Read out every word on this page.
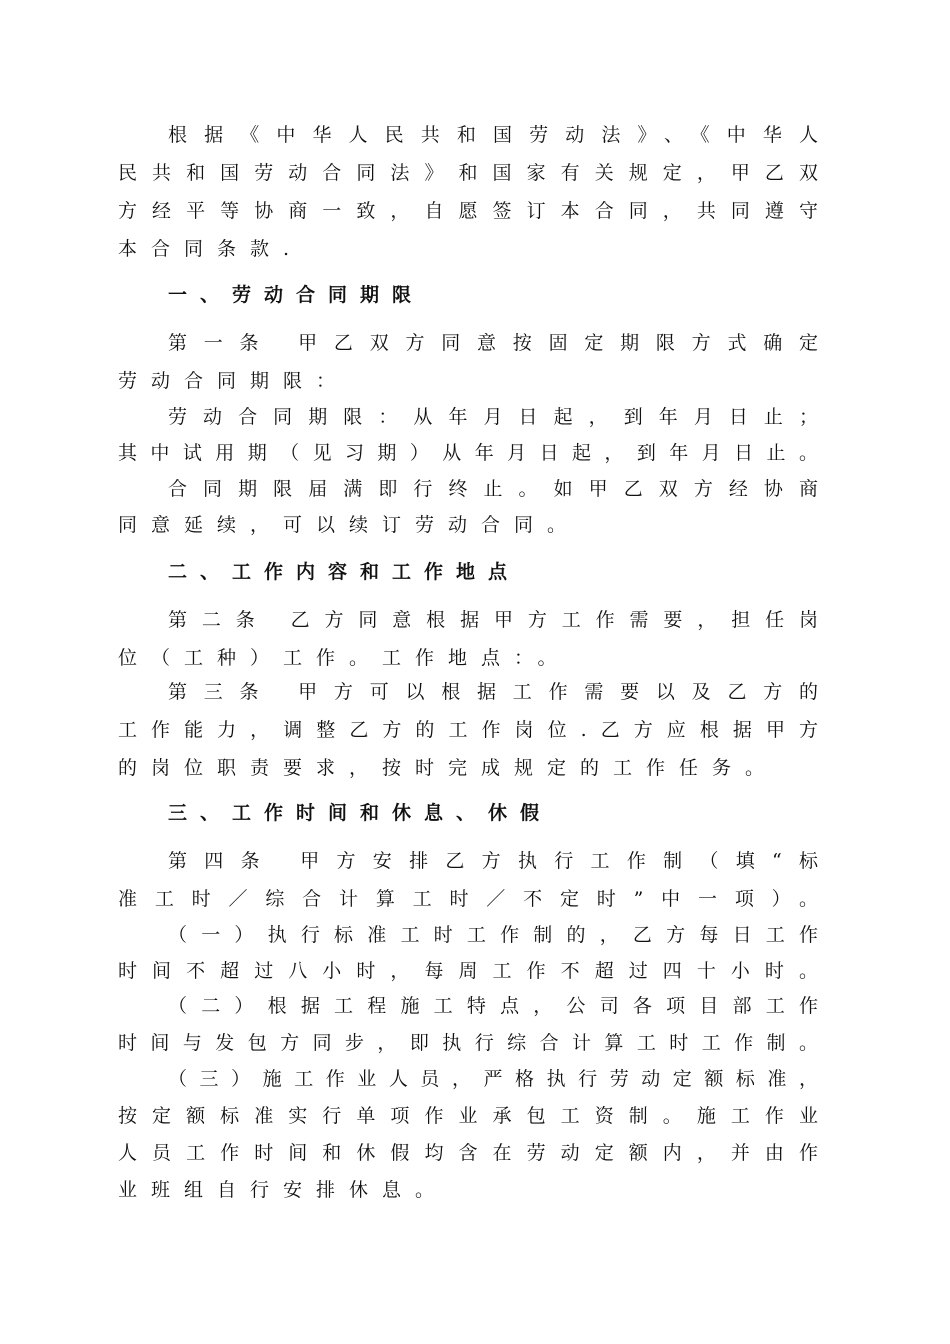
根据《中华人民共和国劳动法》、《中华人
民共和国劳动合同法》和国家有关规定，甲乙双
方经平等协商一致，自愿签订本合同，共同遵守
本合同条款.
一、劳动合同期限
第一条 甲乙双方同意按固定期限方式确定
劳动合同期限：
劳动合同期限：从年月日起，到年月日止；
其中试用期（见习期）从年月日起，到年月日止。
合同期限届满即行终止。如甲乙双方经协商
同意延续，可以续订劳动合同。
二、工作内容和工作地点
第二条 乙方同意根据甲方工作需要，担任岗
位（工种）工作。工作地点：。
第三条 甲方可以根据工作需要以及乙方的
工作能力，调整乙方的工作岗位.乙方应根据甲方
的岗位职责要求，按时完成规定的工作任务。
三、工作时间和休息、休假
第四条 甲方安排乙方执行工作制（填“标
准工时／综合计算工时／不定时”中一项）。
（一）执行标准工时工作制的，乙方每日工作
时间不超过八小时，每周工作不超过四十小时。
（二）根据工程施工特点，公司各项目部工作
时间与发包方同步，即执行综合计算工时工作制。
（三）施工作业人员，严格执行劳动定额标准，
按定额标准实行单项作业承包工资制。施工作业
人员工作时间和休假均含在劳动定额内，并由作
业班组自行安排休息。
